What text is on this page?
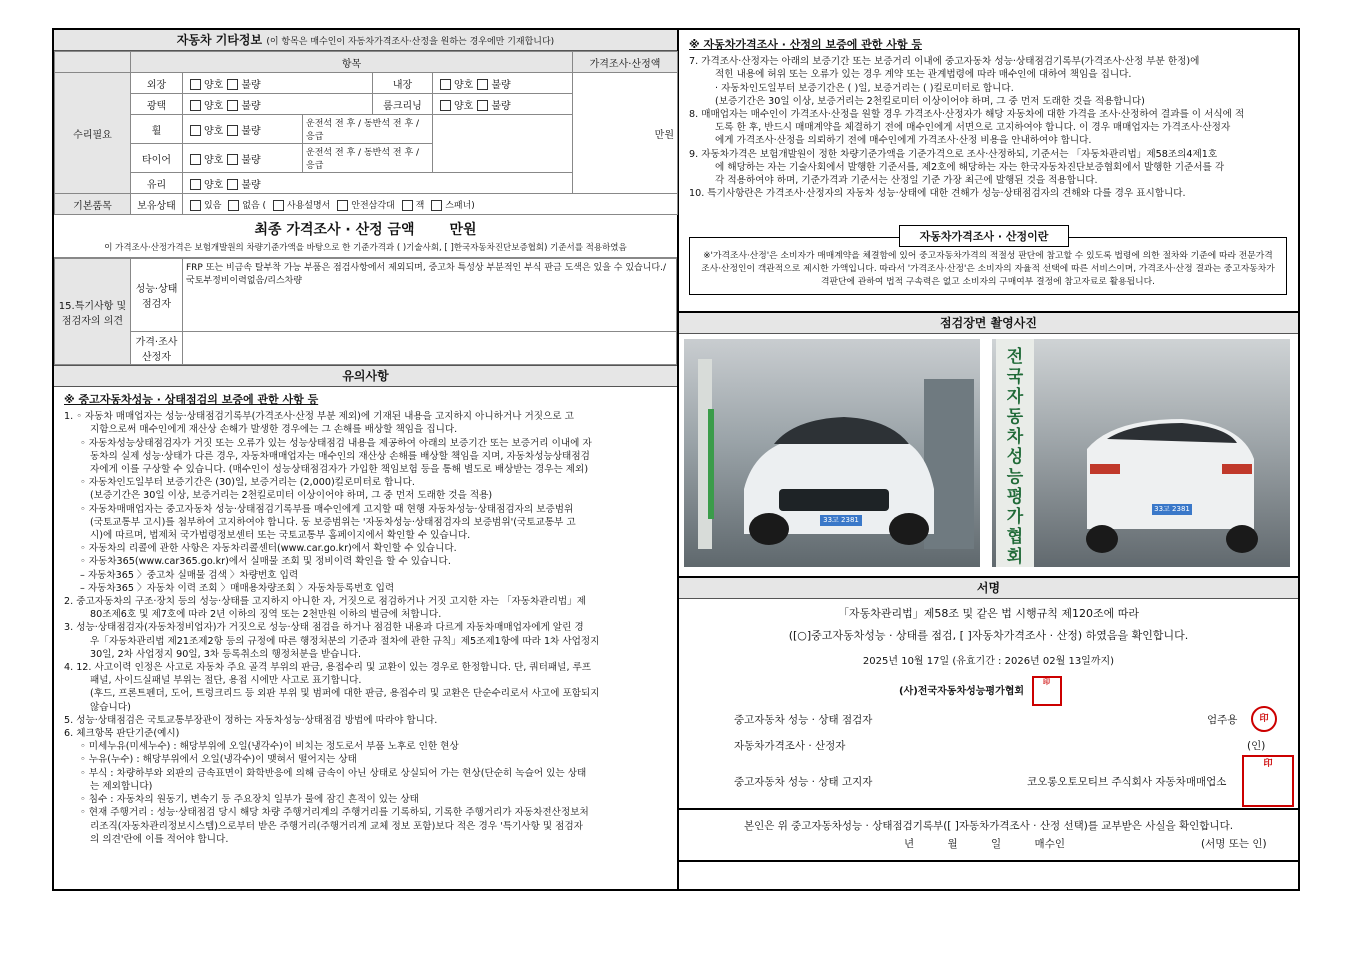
자동차 기타정보 (이 항목은 매수인이 자동차가격조사·산정을 원하는 경우에만 기재합니다)
	항목					가격조사·산정액
수리필요	외장	양호 불량		내장	양호 불량	만원
	광택	양호 불량		룸크리닝	양호 불량	
	휠	양호 불량	운전석 전 후 / 동반석 전 후 / 응급			
	타이어	양호 불량	운전석 전 후 / 동반석 전 후 / 응급			
	유리	양호 불량				
기본품목	보유상태	있음 없음 ( 사용설명서 안전삼각대 잭 스패너)				
최종 가격조사 · 산정 금액 만원
이 가격조사·산정가격은 보험개발원의 차량기준가액을 바탕으로 한 기준가격과 ( )기술사회, [ ]한국자동차진단보증협회) 기준서를 적용하였음
15.특기사항 및 점검자의 의견	성능·상태 점검자	FRP 또는 비금속 탈부착 가능 부품은 점검사항에서 제외되며, 중고차 특성상 부분적인 부식 판금 도색은 있을 수 있습니다./국토부정비이력없음/리스차량
	가격·조사 산정자	
유의사항
※ 중고자동차성능 · 상태점검의 보증에 관한 사항 등

1. ◦ 자동차 매매업자는 성능·상태점검기록부(가격조사·산정 부분 제외)에 기재된 내용을 고지하지 아니하거나 거짓으로 고

지함으로써 매수인에게 재산상 손해가 발생한 경우에는 그 손해를 배상할 책임을 집니다.

◦ 자동차성능상태점검자가 거짓 또는 오류가 있는 성능상태점검 내용을 제공하여 아래의 보증기간 또는 보증거리 이내에 자

동차의 실제 성능·상태가 다른 경우, 자동차매매업자는 매수인의 재산상 손해를 배상할 책임을 지며, 자동차성능상태점검

자에게 이를 구상할 수 있습니다. (매수인이 성능상태점검자가 가입한 책임보험 등을 통해 별도로 배상받는 경우는 제외)

◦ 자동차인도일부터 보증기간은 (30)일, 보증거리는 (2,000)킬로미터로 합니다.

(보증기간은 30일 이상, 보증거리는 2천킬로미터 이상이어야 하며, 그 중 먼저 도래한 것을 적용)

◦ 자동차매매업자는 중고자동차 성능·상태점검기록부를 매수인에게 고지할 때 현행 자동차성능·상태점검자의 보증범위

(국토교통부 고시)를 첨부하여 고지하여야 합니다. 동 보증범위는 '자동차성능·상태점검자의 보증범위'(국토교통부 고

시)에 따르며, 법제처 국가법령정보센터 또는 국토교통부 홈페이지에서 확인할 수 있습니다.

◦ 자동차의 리콜에 관한 사항은 자동차리콜센터(www.car.go.kr)에서 확인할 수 있습니다.

◦ 자동차365(www.car365.go.kr)에서 실매물 조회 및 정비이력 확인을 할 수 있습니다.

– 자동차365 〉중고차 실매물 검색 〉차량번호 입력

– 자동차365 〉자동차 이력 조회 〉매매용차량조회 〉자동차등록번호 입력

2. 중고자동차의 구조·장치 등의 성능·상태를 고지하지 아니한 자, 거짓으로 점검하거나 거짓 고지한 자는 「자동차관리법」제

80조제6호 및 제7호에 따라 2년 이하의 징역 또는 2천만원 이하의 벌금에 처합니다.

3. 성능·상태점검자(자동차정비업자)가 거짓으로 성능·상태 점검을 하거나 점검한 내용과 다르게 자동차매매업자에게 알린 경

우「자동차관리법 제21조제2항 등의 규정에 따른 행정처분의 기준과 절차에 관한 규칙」제5조제1항에 따라 1차 사업정지

30일, 2차 사업정지 90일, 3차 등록취소의 행정처분을 받습니다.

4. 12. 사고이력 인정은 사고로 자동차 주요 골격 부위의 판금, 용접수리 및 교환이 있는 경우로 한정합니다. 단, 쿼터패널, 루프

패널, 사이드실패널 부위는 절단, 용접 시에만 사고로 표기합니다.

(후드, 프론트펜더, 도어, 트렁크리드 등 외판 부위 및 범퍼에 대한 판금, 용접수리 및 교환은 단순수리로서 사고에 포함되지

않습니다)

5. 성능·상태점검은 국토교통부장관이 정하는 자동차성능·상태점검 방법에 따라야 합니다.

6. 체크항목 판단기준(예시)

◦ 미세누유(미세누수) : 해당부위에 오일(냉각수)이 비치는 정도로서 부품 노후로 인한 현상

◦ 누유(누수) : 해당부위에서 오일(냉각수)이 맺혀서 떨어지는 상태

◦ 부식 : 차량하부와 외판의 금속표면이 화학반응에 의해 금속이 아닌 상태로 상실되어 가는 현상(단순히 녹슬어 있는 상태

는 제외합니다)

◦ 침수 : 자동차의 원동기, 변속기 등 주요장치 일부가 물에 잠긴 흔적이 있는 상태

◦ 현재 주행거리 : 성능·상태점검 당시 해당 차량 주행거리계의 주행거리를 기록하되, 기록한 주행거리가 자동차전산정보처

리조직(자동차관리정보시스템)으로부터 받은 주행거리(주행거리계 교체 정보 포함)보다 적은 경우 '특기사항 및 점검자

의 의견'란에 이를 적어야 합니다.

※ 자동차가격조사 · 산정의 보증에 관한 사항 등

7. 가격조사·산정자는 아래의 보증기간 또는 보증거리 이내에 중고자동차 성능·상태점검기록부(가격조사·산정 부분 한정)에

적힌 내용에 허위 또는 오류가 있는 경우 계약 또는 관계법령에 따라 매수인에 대하여 책임을 집니다.

· 자동차인도일부터 보증기간은 ( )일, 보증거리는 ( )킬로미터로 합니다.

(보증기간은 30일 이상, 보증거리는 2천킬로미터 이상이어야 하며, 그 중 먼저 도래한 것을 적용합니다)

8. 매매업자는 매수인이 가격조사·산정을 원할 경우 가격조사·산정자가 해당 자동차에 대한 가격을 조사·산정하여 결과를 이 서식에 적

도록 한 후, 반드시 매매계약을 체결하기 전에 매수인에게 서면으로 고지하여야 합니다. 이 경우 매매업자는 가격조사·산정자

에게 가격조사·산정을 의뢰하기 전에 매수인에게 가격조사·산정 비용을 안내하여야 합니다.

9. 자동차가격은 보험개발원이 정한 차량기준가액을 기준가격으로 조사·산정하되, 기준서는 「자동차관리법」제58조의4제1호

에 해당하는 자는 기술사회에서 발행한 기준서를, 제2호에 해당하는 자는 한국자동차진단보증협회에서 발행한 기준서를 각

각 적용하여야 하며, 기준가격과 기준서는 산정일 기준 가장 최근에 발행된 것을 적용합니다.

10. 특기사항란은 가격조사·산정자의 자동차 성능·상태에 대한 견해가 성능·상태점검자의 견해와 다를 경우 표시합니다.

자동차가격조사 · 산정이란
※'가격조사·산정'은 소비자가 매매계약을 체결함에 있어 중고자동차가격의 적절성 판단에 참고할 수 있도록 법령에 의한 절차와 기준에 따라 전문가격조사·산정인이 객관적으로 제시한 가액입니다. 따라서 '가격조사·산정'은 소비자의 자율적 선택에 따른 서비스이며, 가격조사·산정 결과는 중고자동차가격판단에 관하여 법적 구속력은 없고 소비자의 구매여부 결정에 참고자료로 활용됩니다.
점검장면 촬영사진
33고 2381
전국자동차성능평가협회
33고 2381
서명
「자동차관리법」제58조 및 같은 법 시행규칙 제120조에 따라
([○]중고자동차성능 · 상태를 점검, [ ]자동차가격조사 · 산정) 하였음을 확인합니다.
2025년 10월 17일 (유효기간 : 2026년 02월 13일까지)
(사)전국자동차성능평가협회 印
중고자동차 성능 · 상태 점검자	엄주용	印
자동차가격조사 · 산정자	(인)
중고자동차 성능 · 상태 고지자	코오롱오토모티브 주식회사 자동차매매업소
印
본인은 위 중고자동차성능 · 상태점검기록부([ ]자동차가격조사 · 산정 선택)를 교부받은 사실을 확인합니다.
년          월          일          매수인	(서명 또는 인)
